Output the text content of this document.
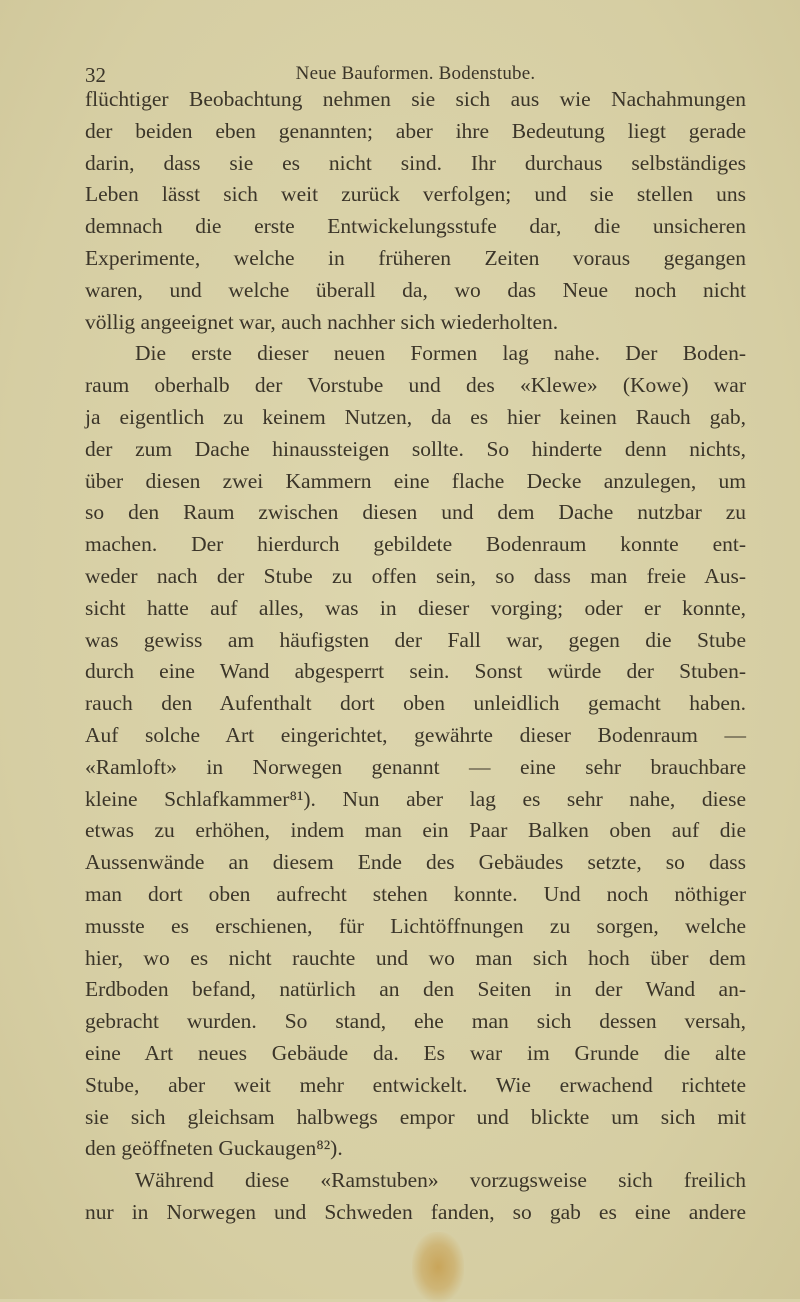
32	Neue Bauformen. Bodenstube.
flüchtiger Beobachtung nehmen sie sich aus wie Nachahmungen
der beiden eben genannten; aber ihre Bedeutung liegt gerade
darin, dass sie es nicht sind. Ihr durchaus selbständiges
Leben lässt sich weit zurück verfolgen; und sie stellen uns
demnach die erste Entwickelungsstufe dar, die unsicheren
Experimente, welche in früheren Zeiten voraus gegangen
waren, und welche überall da, wo das Neue noch nicht
völlig angeeignet war, auch nachher sich wiederholten.
Die erste dieser neuen Formen lag nahe. Der Boden-
raum oberhalb der Vorstube und des «Klewe» (Kowe) war
ja eigentlich zu keinem Nutzen, da es hier keinen Rauch gab,
der zum Dache hinaussteigen sollte. So hinderte denn nichts,
über diesen zwei Kammern eine flache Decke anzulegen, um
so den Raum zwischen diesen und dem Dache nutzbar zu
machen. Der hierdurch gebildete Bodenraum konnte ent-
weder nach der Stube zu offen sein, so dass man freie Aus-
sicht hatte auf alles, was in dieser vorging; oder er konnte,
was gewiss am häufigsten der Fall war, gegen die Stube
durch eine Wand abgesperrt sein. Sonst würde der Stuben-
rauch den Aufenthalt dort oben unleidlich gemacht haben.
Auf solche Art eingerichtet, gewährte dieser Bodenraum —
«Ramloft» in Norwegen genannt — eine sehr brauchbare
kleine Schlafkammer⁸¹). Nun aber lag es sehr nahe, diese
etwas zu erhöhen, indem man ein Paar Balken oben auf die
Aussenwände an diesem Ende des Gebäudes setzte, so dass
man dort oben aufrecht stehen konnte. Und noch nöthiger
musste es erschienen, für Lichtöffnungen zu sorgen, welche
hier, wo es nicht rauchte und wo man sich hoch über dem
Erdboden befand, natürlich an den Seiten in der Wand an-
gebracht wurden. So stand, ehe man sich dessen versah,
eine Art neues Gebäude da. Es war im Grunde die alte
Stube, aber weit mehr entwickelt. Wie erwachend richtete
sie sich gleichsam halbwegs empor und blickte um sich mit
den geöffneten Guckaugen⁸²).
Während diese «Ramstuben» vorzugsweise sich freilich
nur in Norwegen und Schweden fanden, so gab es eine andere
